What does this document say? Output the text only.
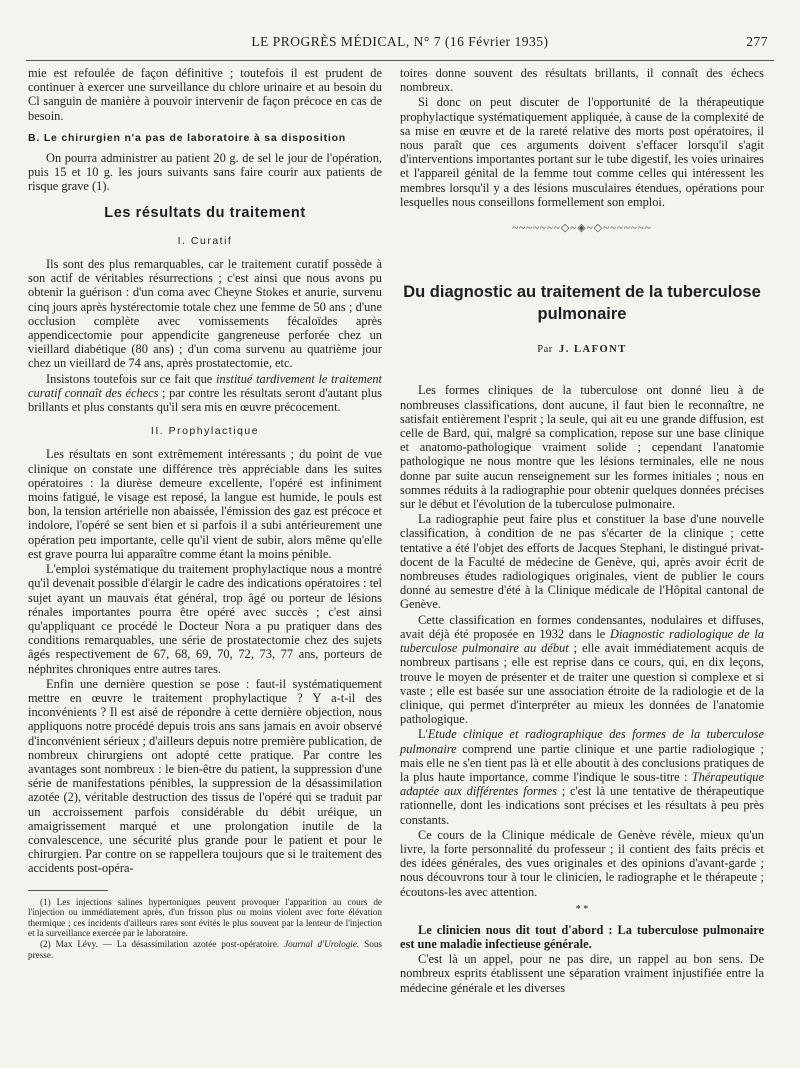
LE PROGRÈS MÉDICAL, N° 7 (16 Février 1935)	277

mie est refoulée de façon définitive ; toutefois il est prudent de continuer à exercer une surveillance du chlore urinaire et au besoin du Cl sanguin de manière à pouvoir intervenir de façon précoce en cas de besoin.

B. Le chirurgien n'a pas de laboratoire à sa disposition

On pourra administrer au patient 20 g. de sel le jour de l'opération, puis 15 et 10 g. les jours suivants sans faire courir aux patients de risque grave (1).

Les résultats du traitement
I. Curatif

Ils sont des plus remarquables, car le traitement curatif possède à son actif de véritables résurrections ; c'est ainsi que nous avons pu obtenir la guérison : d'un coma avec Cheyne Stokes et anurie, survenu cinq jours après hystérectomie totale chez une femme de 50 ans ; d'une occlusion complète avec vomissements fécaloïdes après appendicectomie pour appendicite gangreneuse perforée chez un vieillard diabétique (80 ans) ; d'un coma survenu au quatrième jour chez un vieillard de 74 ans, après prostatectomie, etc.

Insistons toutefois sur ce fait que institué tardivement le traitement curatif connaît des échecs ; par contre les résultats seront d'autant plus brillants et plus constants qu'il sera mis en œuvre précocement.

II. Prophylactique

Les résultats en sont extrêmement intéressants ; du point de vue clinique on constate une différence très appréciable dans les suites opératoires : la diurèse demeure excellente, l'opéré est infiniment moins fatigué, le visage est reposé, la langue est humide, le pouls est bon, la tension artérielle non abaissée, l'émission des gaz est précoce et indolore, l'opéré se sent bien et si parfois il a subi antérieurement une opération peu importante, celle qu'il vient de subir, alors même qu'elle est grave pourra lui apparaître comme étant la moins pénible.

L'emploi systématique du traitement prophylactique nous a montré qu'il devenait possible d'élargir le cadre des indications opératoires : tel sujet ayant un mauvais état général, trop âgé ou porteur de lésions rénales importantes pourra être opéré avec succès ; c'est ainsi qu'appliquant ce procédé le Docteur Nora a pu pratiquer dans des conditions remarquables, une série de prostatectomie chez des sujets âgés respectivement de 67, 68, 69, 70, 72, 73, 77 ans, porteurs de néphrites chroniques entre autres tares.

Enfin une dernière question se pose : faut-il systématiquement mettre en œuvre le traitement prophylactique ? Y a-t-il des inconvénients ? Il est aisé de répondre à cette dernière objection, nous appliquons notre procédé depuis trois ans sans jamais en avoir observé d'inconvénient sérieux ; d'ailleurs depuis notre première publication, de nombreux chirurgiens ont adopté cette pratique. Par contre les avantages sont nombreux : le bien-être du patient, la suppression d'une série de manifestations pénibles, la suppression de la désassimilation azotée (2), véritable destruction des tissus de l'opéré qui se traduit par un accroissement parfois considérable du débit uréique, un amaigrissement marqué et une prolongation inutile de la convalescence, une sécurité plus grande pour le patient et pour le chirurgien. Par contre on se rappellera toujours que si le traitement des accidents post-opéra-

(1) Les injections salines hypertoniques peuvent provoquer l'apparition au cours de l'injection ou immédiatement après, d'un frisson plus ou moins violent avec forte élévation thermique ; ces incidents d'ailleurs rares sont évités le plus souvent par la lenteur de l'injection et la surveillance exercée par le laboratoire.

(2) Max Lévy. — La désassimilation azotée post-opératoire. Journal d'Urologie. Sous presse.

toires donne souvent des résultats brillants, il connaît des échecs nombreux.

Si donc on peut discuter de l'opportunité de la thérapeutique prophylactique systématiquement appliquée, à cause de la complexité de sa mise en œuvre et de la rareté relative des morts post opératoires, il nous paraît que ces arguments doivent s'effacer lorsqu'il s'agit d'interventions importantes portant sur le tube digestif, les voies urinaires et l'appareil génital de la femme tout comme celles qui intéressent les membres lorsqu'il y a des lésions musculaires étendues, opérations pour lesquelles nous conseillons formellement son emploi.

~~~~~~~◇~◈~◇~~~~~~~
Du diagnostic au traitement de la tuberculose pulmonaire
Par J. LAFONT

Les formes cliniques de la tuberculose ont donné lieu à de nombreuses classifications, dont aucune, il faut bien le reconnaître, ne satisfait entièrement l'esprit ; la seule, qui ait eu une grande diffusion, est celle de Bard, qui, malgré sa complication, repose sur une base clinique et anatomo-pathologique vraiment solide ; cependant l'anatomie pathologique ne nous montre que les lésions terminales, elle ne nous donne par suite aucun renseignement sur les formes initiales ; nous en sommes réduits à la radiographie pour obtenir quelques données précises sur le début et l'évolution de la tuberculose pulmonaire.

La radiographie peut faire plus et constituer la base d'une nouvelle classification, à condition de ne pas s'écarter de la clinique ; cette tentative a été l'objet des efforts de Jacques Stephani, le distingué privat-docent de la Faculté de médecine de Genève, qui, après avoir écrit de nombreuses études radiologiques originales, vient de publier le cours donné au semestre d'été à la Clinique médicale de l'Hôpital cantonal de Genève.

Cette classification en formes condensantes, nodulaires et diffuses, avait déjà été proposée en 1932 dans le Diagnostic radiologique de la tuberculose pulmonaire au début ; elle avait immédiatement acquis de nombreux partisans ; elle est reprise dans ce cours, qui, en dix leçons, trouve le moyen de présenter et de traiter une question si complexe et si vaste ; elle est basée sur une association étroite de la radiologie et de la clinique, qui permet d'interpréter au mieux les données de l'anatomie pathologique.

L'Etude clinique et radiographique des formes de la tuberculose pulmonaire comprend une partie clinique et une partie radiologique ; mais elle ne s'en tient pas là et elle aboutit à des conclusions pratiques de la plus haute importance, comme l'indique le sous-titre : Thérapeutique adaptée aux différentes formes ; c'est là une tentative de thérapeutique rationnelle, dont les indications sont précises et les résultats à peu près constants.

Ce cours de la Clinique médicale de Genève révèle, mieux qu'un livre, la forte personnalité du professeur ; il contient des faits précis et des idées générales, des vues originales et des opinions d'avant-garde ; nous découvrons tour à tour le clinicien, le radiographe et le thérapeute ; écoutons-les avec attention.

* *

Le clinicien nous dit tout d'abord : La tuberculose pulmonaire est une maladie infectieuse générale.

C'est là un appel, pour ne pas dire, un rappel au bon sens. De nombreux esprits établissent une séparation vraiment injustifiée entre la médecine générale et les diverses
